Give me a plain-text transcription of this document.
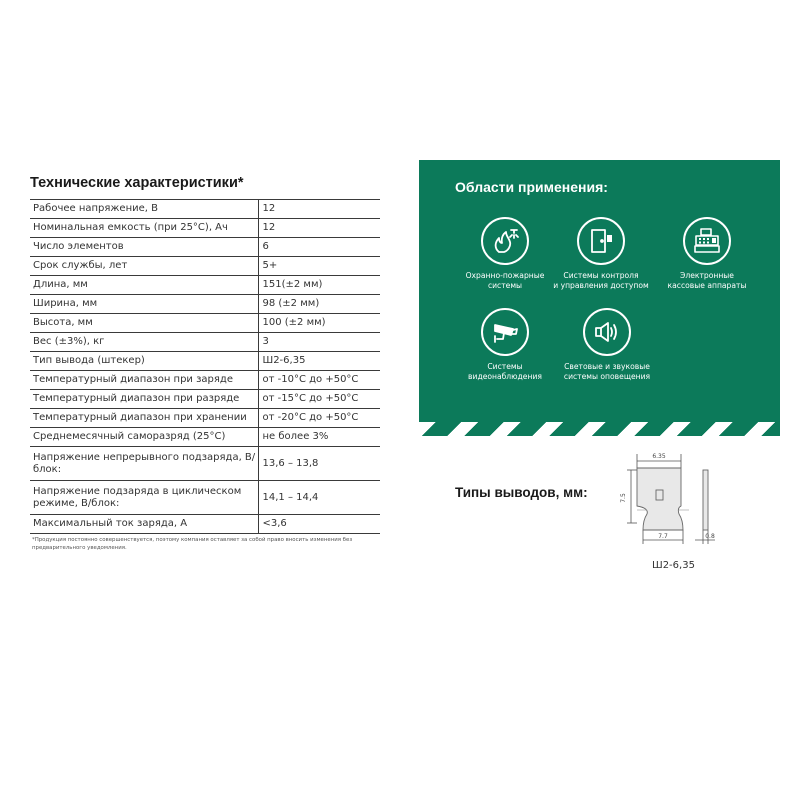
Технические характеристики*
Рабочее напряжение, В	12
Номинальная емкость (при 25°C), Ач	12
Число элементов	6
Срок службы, лет	5+
Длина, мм	151(±2 мм)
Ширина, мм	98 (±2 мм)
Высота, мм	100 (±2 мм)
Вес (±3%), кг	3
Тип вывода (штекер)	Ш2-6,35
Температурный диапазон при заряде	от -10°C до +50°C
Температурный диапазон при разряде	от -15°C до +50°C
Температурный диапазон при хранении	от -20°C до +50°C
Среднемесячный саморазряд (25°C)	не более 3%
Напряжение непрерывного подзаряда, В/блок:	13,6 – 13,8
Напряжение подзаряда в циклическом режиме, В/блок:	14,1 – 14,4
Максимальный ток заряда, А	<3,6
*Продукция постоянно совершенствуется, поэтому компания оставляет за собой право вносить изменения без предварительного уведомления.
Области применения:
Охранно-пожарные
системы
Системы контроля
и управления доступом
Электронные
кассовые аппараты
Системы
видеонаблюдения
Световые и звуковые
системы оповещения
Типы выводов, мм:
6.35
7.5
7.7	0.8
Ш2-6,35
